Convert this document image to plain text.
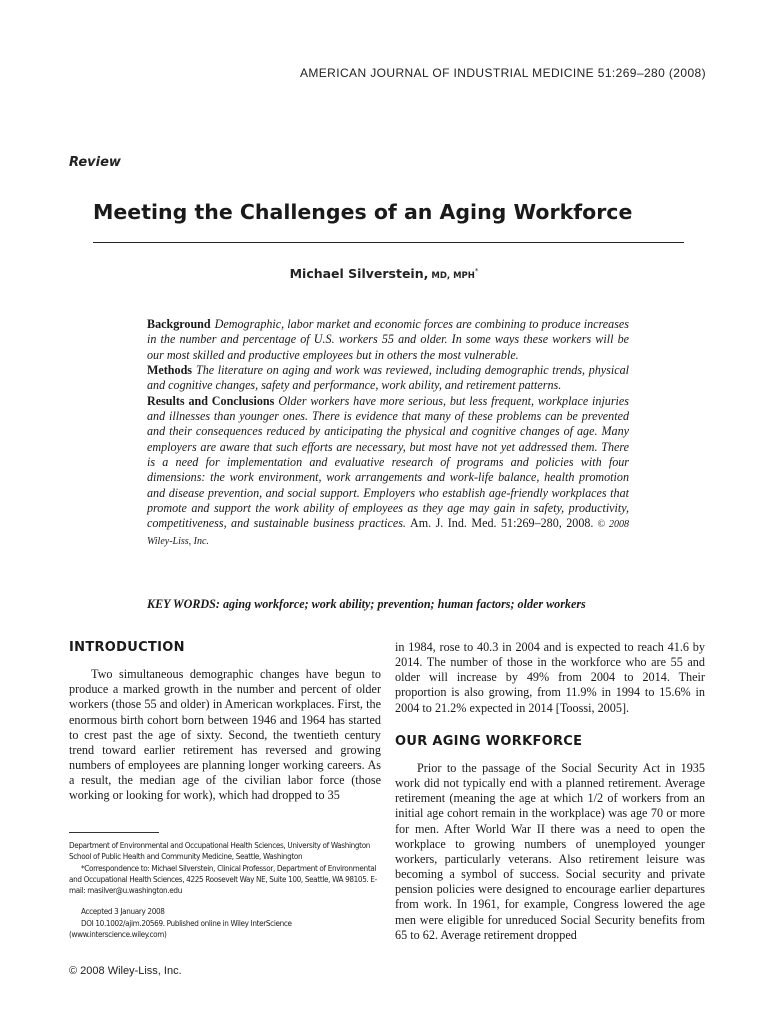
AMERICAN JOURNAL OF INDUSTRIAL MEDICINE 51:269–280 (2008)
Review
Meeting the Challenges of an Aging Workforce
Michael Silverstein, MD, MPH*

Background Demographic, labor market and economic forces are combining to produce increases in the number and percentage of U.S. workers 55 and older. In some ways these workers will be our most skilled and productive employees but in others the most vulnerable.

Methods The literature on aging and work was reviewed, including demographic trends, physical and cognitive changes, safety and performance, work ability, and retirement patterns.

Results and Conclusions Older workers have more serious, but less frequent, workplace injuries and illnesses than younger ones. There is evidence that many of these problems can be prevented and their consequences reduced by anticipating the physical and cognitive changes of age. Many employers are aware that such efforts are necessary, but most have not yet addressed them. There is a need for implementation and evaluative research of programs and policies with four dimensions: the work environment, work arrangements and work-life balance, health promotion and disease prevention, and social support. Employers who establish age-friendly workplaces that promote and support the work ability of employees as they age may gain in safety, productivity, competitiveness, and sustainable business practices. Am. J. Ind. Med. 51:269–280, 2008. © 2008 Wiley-Liss, Inc.

KEY WORDS: aging workforce; work ability; prevention; human factors; older workers
INTRODUCTION

Two simultaneous demographic changes have begun to produce a marked growth in the number and percent of older workers (those 55 and older) in American workplaces. First, the enormous birth cohort born between 1946 and 1964 has started to crest past the age of sixty. Second, the twentieth century trend toward earlier retirement has reversed and growing numbers of employees are planning longer working careers. As a result, the median age of the civilian labor force (those working or looking for work), which had dropped to 35

in 1984, rose to 40.3 in 2004 and is expected to reach 41.6 by 2014. The number of those in the workforce who are 55 and older will increase by 49% from 2004 to 2014. Their proportion is also growing, from 11.9% in 1994 to 15.6% in 2004 to 21.2% expected in 2014 [Toossi, 2005].

OUR AGING WORKFORCE

Prior to the passage of the Social Security Act in 1935 work did not typically end with a planned retirement. Average retirement (meaning the age at which 1/2 of workers from an initial age cohort remain in the workplace) was age 70 or more for men. After World War II there was a need to open the workplace to growing numbers of unemployed younger workers, particularly veterans. Also retirement leisure was becoming a symbol of success. Social security and private pension policies were designed to encourage earlier departures from work. In 1961, for example, Congress lowered the age men were eligible for unreduced Social Security benefits from 65 to 62. Average retirement dropped

Department of Environmental and Occupational Health Sciences, University of Washington School of Public Health and Community Medicine, Seattle, Washington

*Correspondence to: Michael Silverstein, Clinical Professor, Department of Environmental and Occupational Health Sciences, 4225 Roosevelt Way NE, Suite 100, Seattle, WA 98105. E-mail: masilver@u.washington.edu

Accepted 3 January 2008

DOI 10.1002/ajim.20569. Published online in Wiley InterScience (www.interscience.wiley.com)

© 2008 Wiley-Liss, Inc.
